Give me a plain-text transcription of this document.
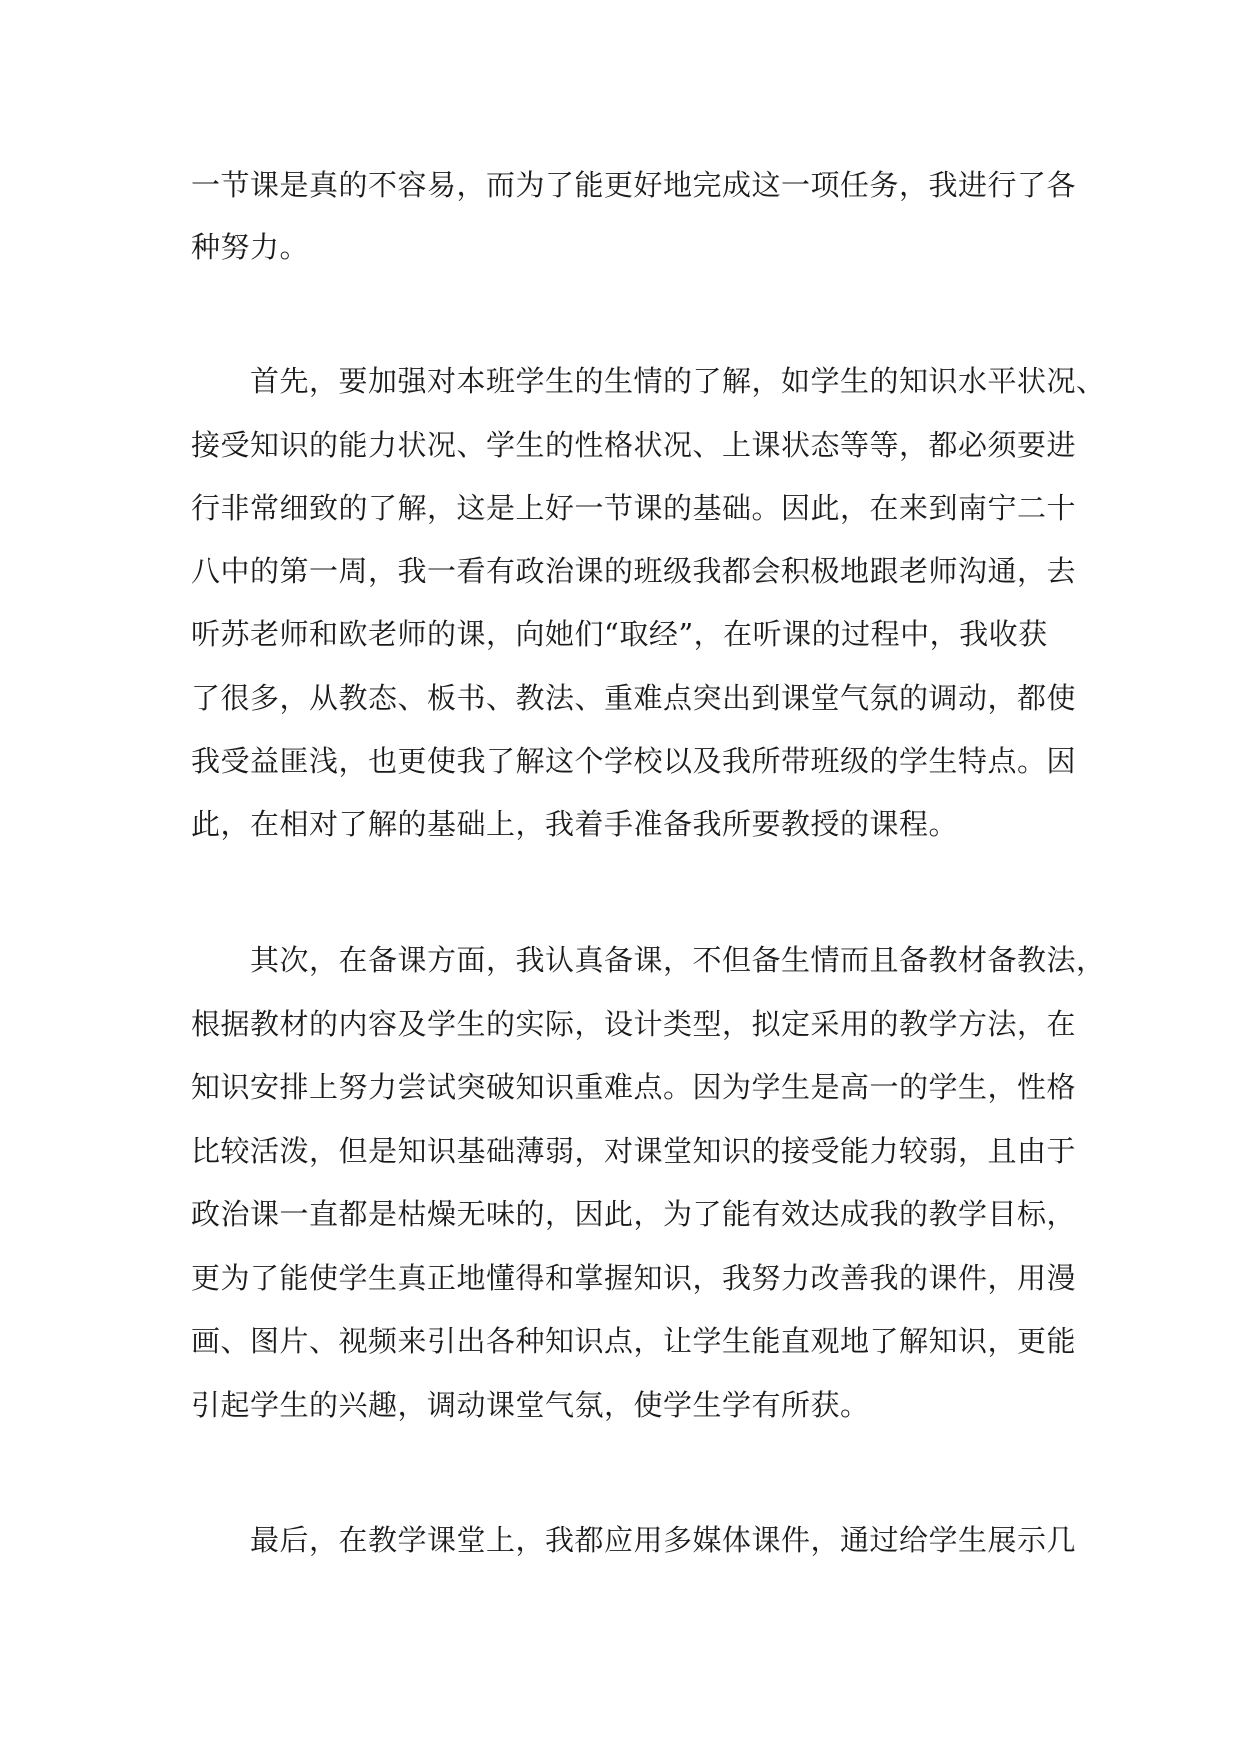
一节课是真的不容易，而为了能更好地完成这一项任务，我进行了各
种努力。
首先，要加强对本班学生的生情的了解，如学生的知识水平状况、
接受知识的能力状况、学生的性格状况、上课状态等等，都必须要进
行非常细致的了解，这是上好一节课的基础。因此，在来到南宁二十
八中的第一周，我一看有政治课的班级我都会积极地跟老师沟通，去
听苏老师和欧老师的课，向她们“取经”，在听课的过程中，我收获
了很多，从教态、板书、教法、重难点突出到课堂气氛的调动，都使
我受益匪浅，也更使我了解这个学校以及我所带班级的学生特点。因
此，在相对了解的基础上，我着手准备我所要教授的课程。
其次，在备课方面，我认真备课，不但备生情而且备教材备教法，
根据教材的内容及学生的实际，设计类型，拟定采用的教学方法，在
知识安排上努力尝试突破知识重难点。因为学生是高一的学生，性格
比较活泼，但是知识基础薄弱，对课堂知识的接受能力较弱，且由于
政治课一直都是枯燥无味的，因此，为了能有效达成我的教学目标，
更为了能使学生真正地懂得和掌握知识，我努力改善我的课件，用漫
画、图片、视频来引出各种知识点，让学生能直观地了解知识，更能
引起学生的兴趣，调动课堂气氛，使学生学有所获。
最后，在教学课堂上，我都应用多媒体课件，通过给学生展示几
